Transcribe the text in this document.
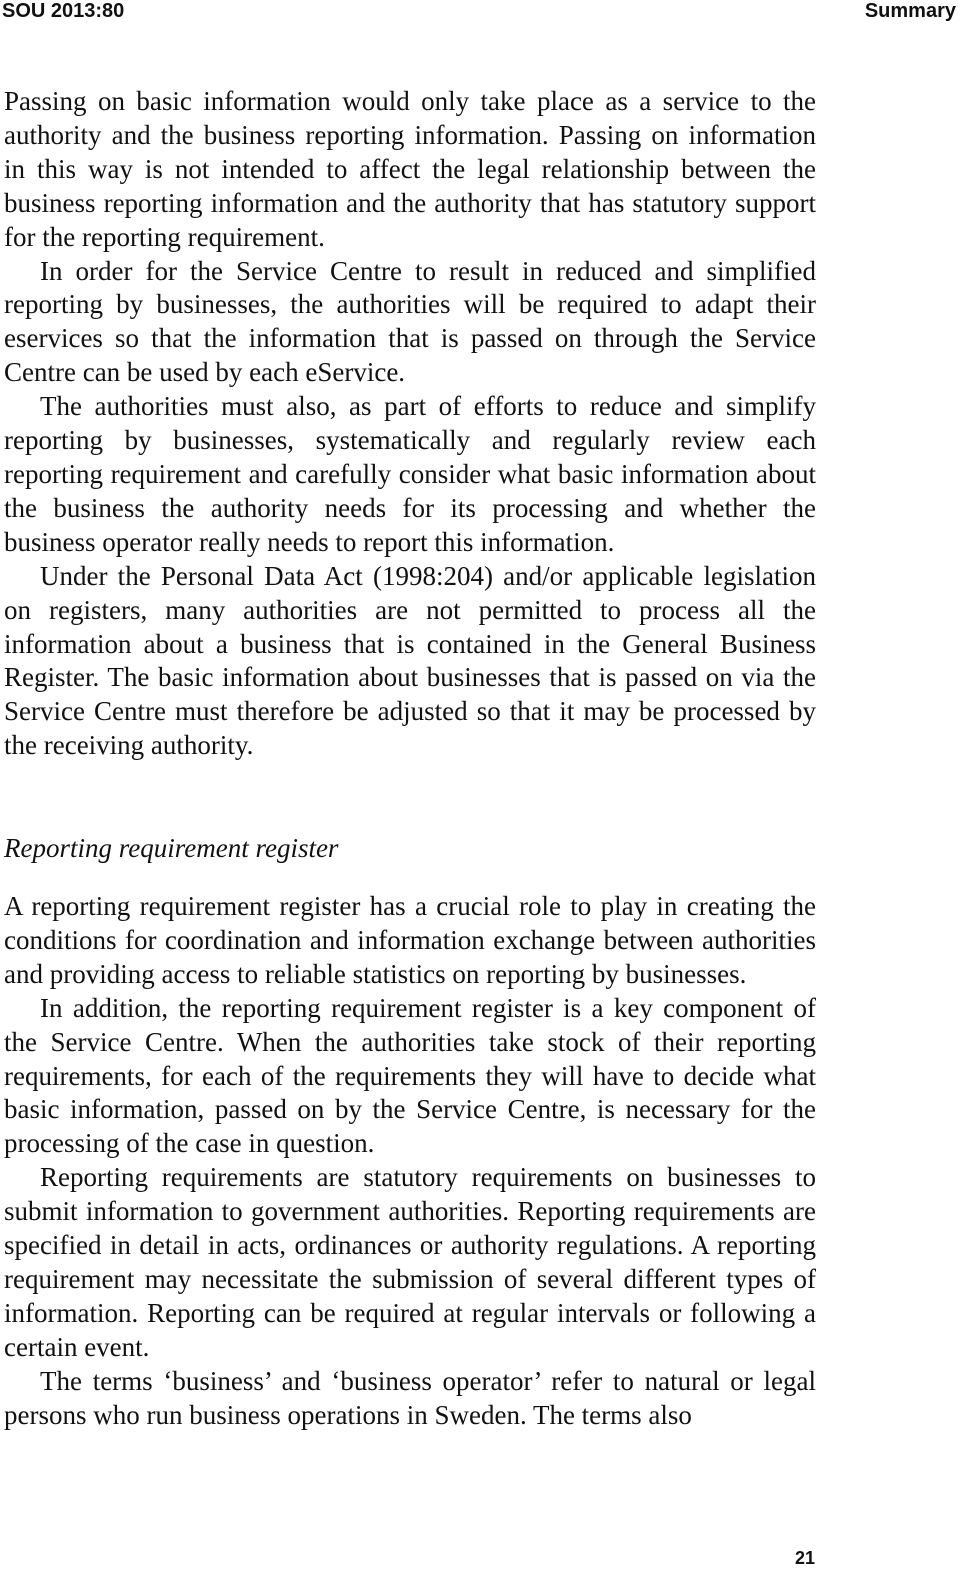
SOU 2013:80	Summary

Passing on basic information would only take place as a service to the authority and the business reporting information. Passing on information in this way is not intended to affect the legal relationship between the business reporting information and the authority that has statutory support for the reporting requirement.

In order for the Service Centre to result in reduced and simplified reporting by businesses, the authorities will be required to adapt their eservices so that the information that is passed on through the Service Centre can be used by each eService.

The authorities must also, as part of efforts to reduce and simplify reporting by businesses, systematically and regularly review each reporting requirement and carefully consider what basic information about the business the authority needs for its processing and whether the business operator really needs to report this information.

Under the Personal Data Act (1998:204) and/or applicable legislation on registers, many authorities are not permitted to process all the information about a business that is contained in the General Business Register. The basic information about businesses that is passed on via the Service Centre must therefore be adjusted so that it may be processed by the receiving authority.

Reporting requirement register

A reporting requirement register has a crucial role to play in creating the conditions for coordination and information exchange between authorities and providing access to reliable statistics on reporting by businesses.

In addition, the reporting requirement register is a key component of the Service Centre. When the authorities take stock of their reporting requirements, for each of the requirements they will have to decide what basic information, passed on by the Service Centre, is necessary for the processing of the case in question.

Reporting requirements are statutory requirements on businesses to submit information to government authorities. Reporting requirements are specified in detail in acts, ordinances or authority regulations. A reporting requirement may necessitate the submission of several different types of information. Reporting can be required at regular intervals or following a certain event.

The terms ‘business’ and ‘business operator’ refer to natural or legal persons who run business operations in Sweden. The terms also

21
